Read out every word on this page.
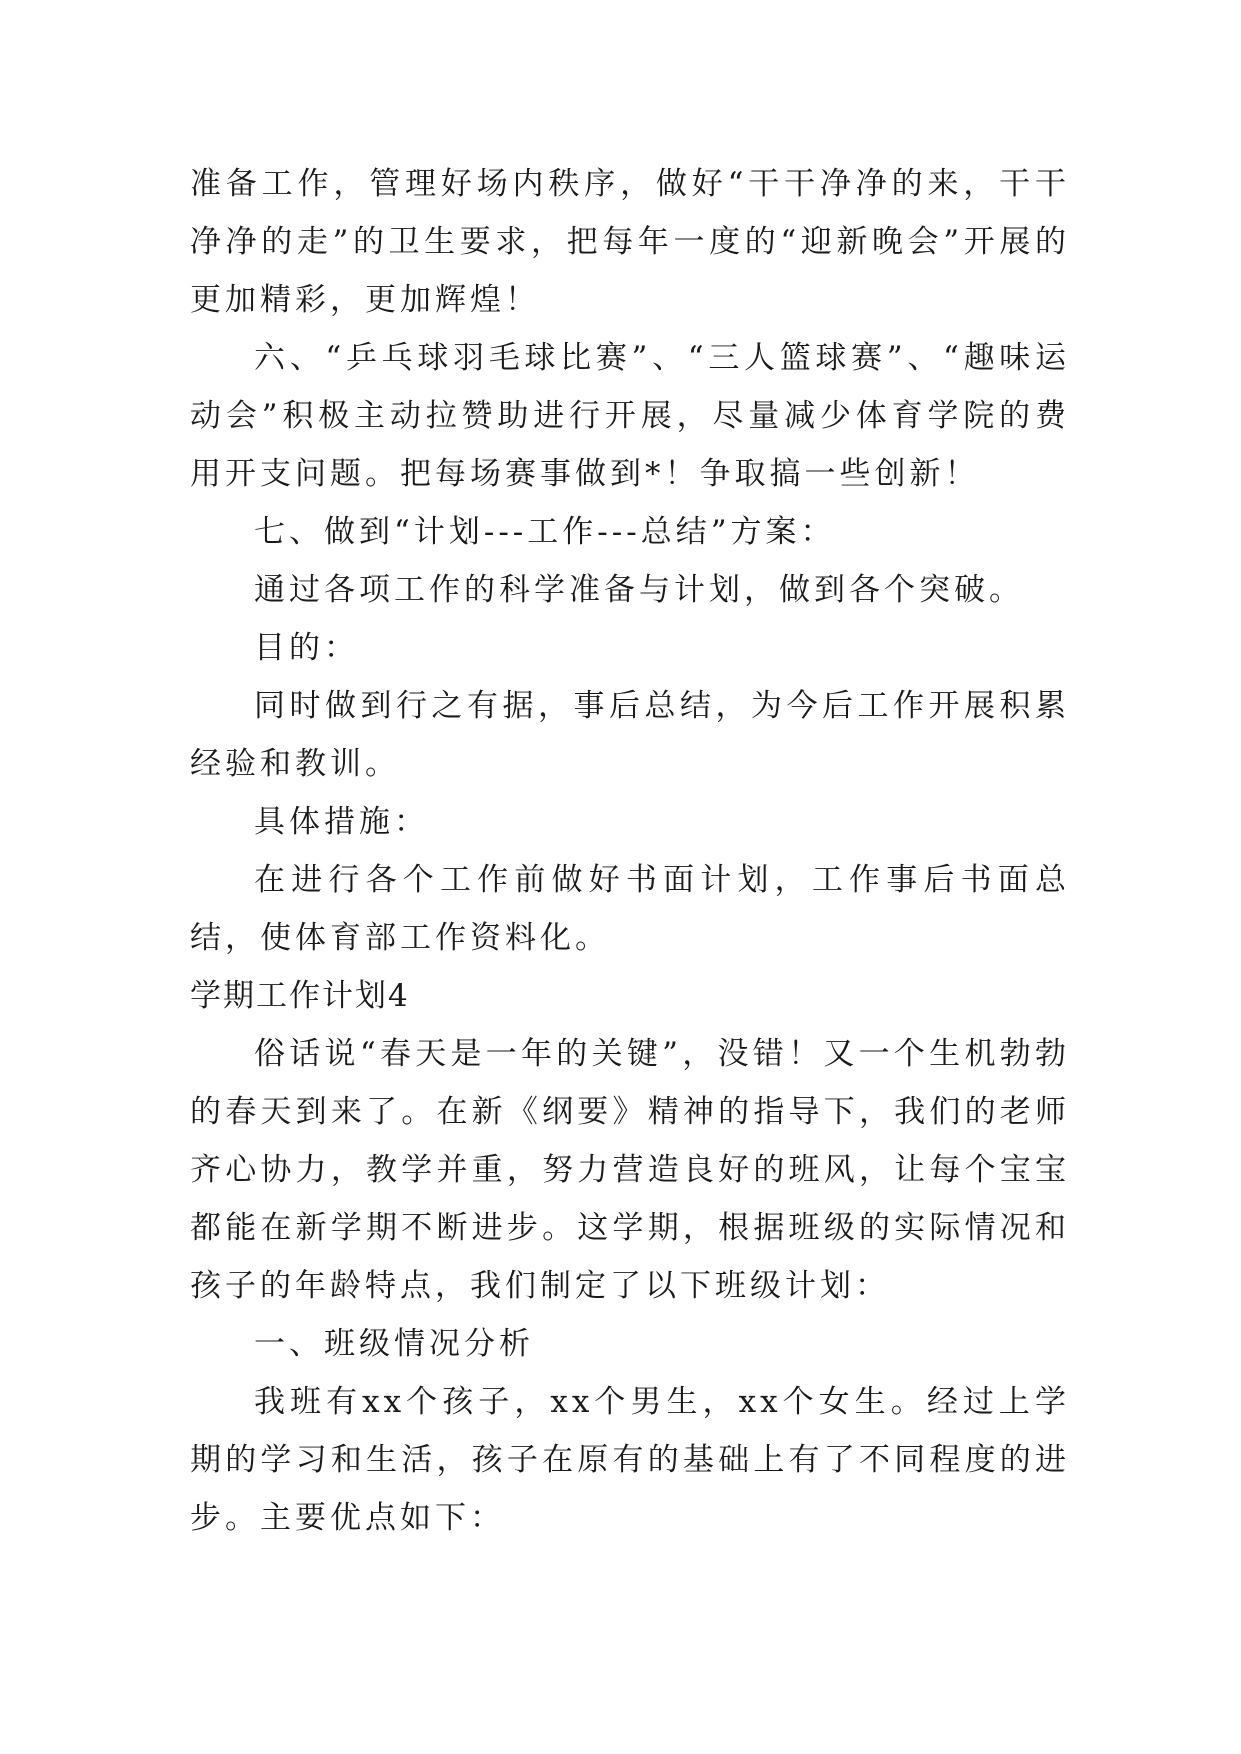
准备工作，管理好场内秩序，做好“干干净净的来，干干净净的走”的卫生要求，把每年一度的“迎新晚会”开展的更加精彩，更加辉煌！

六、“乒乓球羽毛球比赛”、“三人篮球赛”、“趣味运动会”积极主动拉赞助进行开展，尽量减少体育学院的费用开支问题。把每场赛事做到*！争取搞一些创新！

七、做到“计划---工作---总结”方案：

通过各项工作的科学准备与计划，做到各个突破。

目的：

同时做到行之有据，事后总结，为今后工作开展积累经验和教训。

具体措施：

在进行各个工作前做好书面计划，工作事后书面总结，使体育部工作资料化。

学期工作计划4

俗话说“春天是一年的关键”，没错！又一个生机勃勃的春天到来了。在新《纲要》精神的指导下，我们的老师齐心协力，教学并重，努力营造良好的班风，让每个宝宝都能在新学期不断进步。这学期，根据班级的实际情况和孩子的年龄特点，我们制定了以下班级计划：

一、班级情况分析

我班有xx个孩子，xx个男生，xx个女生。经过上学期的学习和生活，孩子在原有的基础上有了不同程度的进步。主要优点如下：
